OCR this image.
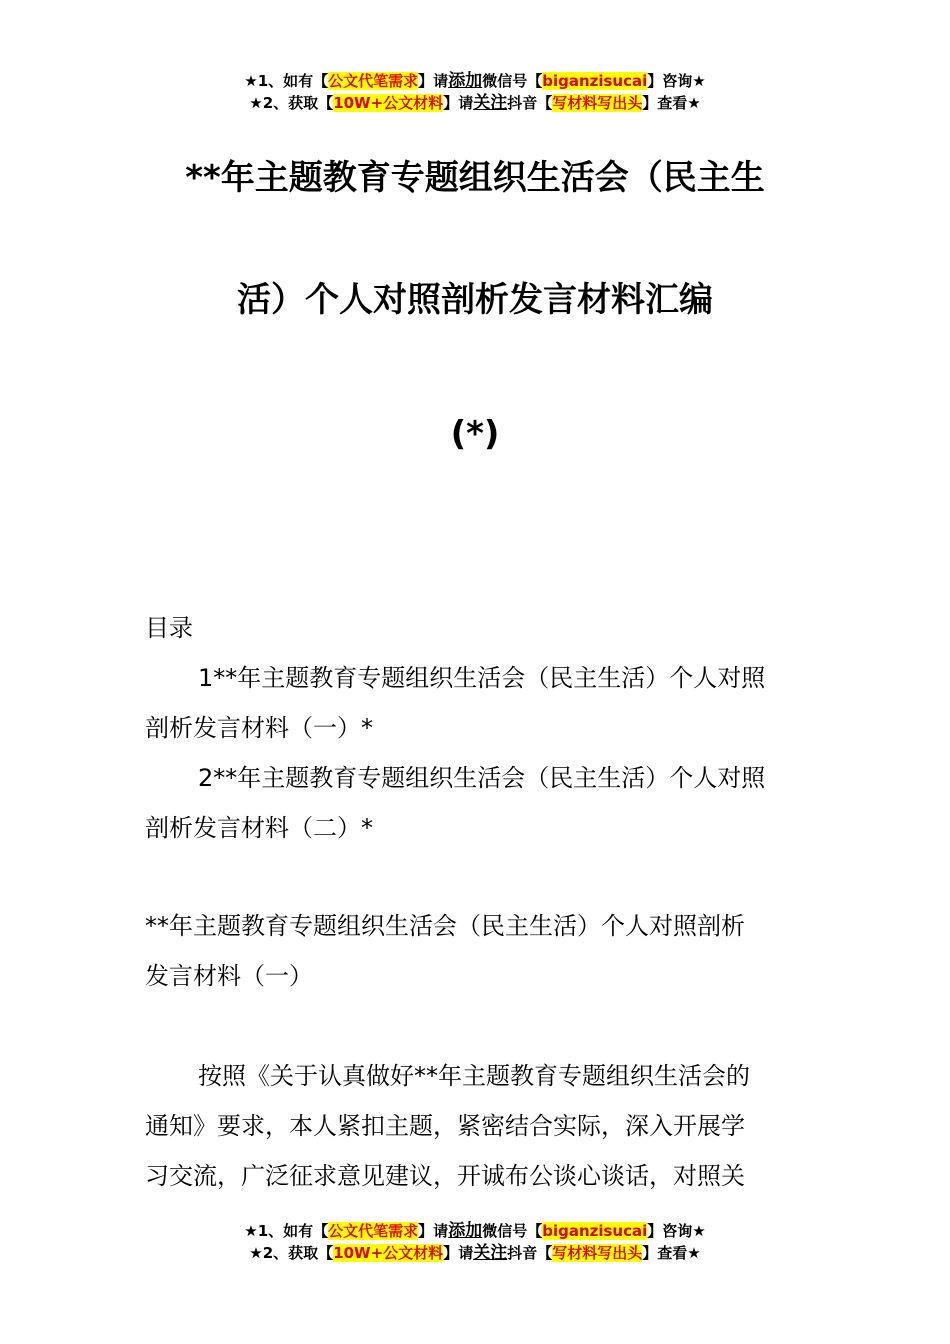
★1、如有【公文代笔需求】请添加微信号【biganzisucai】咨询★
★2、获取【10W+公文材料】请关注抖音【写材料写出头】查看★
**年主题教育专题组织生活会（民主生
活）个人对照剖析发言材料汇编
(*)
目录
1**年主题教育专题组织生活会（民主生活）个人对照
剖析发言材料（一）*
2**年主题教育专题组织生活会（民主生活）个人对照
剖析发言材料（二）*
**年主题教育专题组织生活会（民主生活）个人对照剖析
发言材料（一）
按照《关于认真做好**年主题教育专题组织生活会的
通知》要求，本人紧扣主题，紧密结合实际，深入开展学
习交流，广泛征求意见建议，开诚布公谈心谈话，对照关
★1、如有【公文代笔需求】请添加微信号【biganzisucai】咨询★
★2、获取【10W+公文材料】请关注抖音【写材料写出头】查看★
